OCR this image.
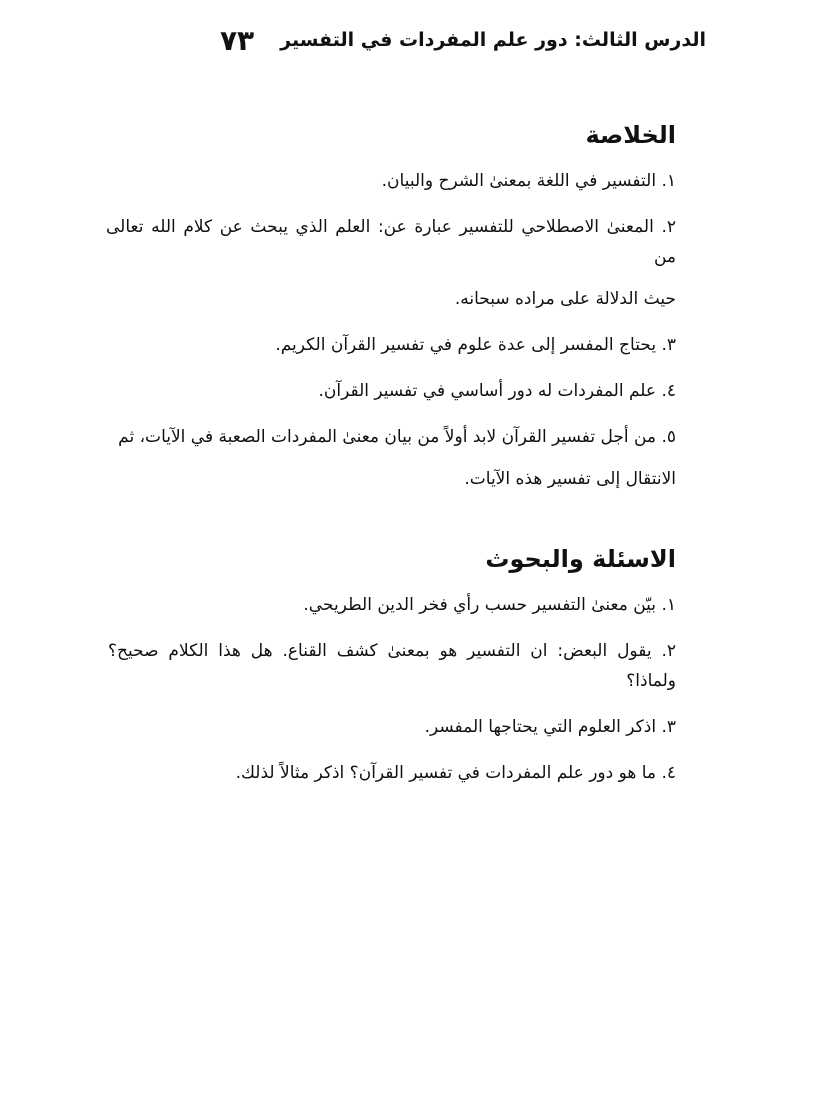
الدرس الثالث: دور علم المفردات في التفسير
٧٣
الخلاصة

١. التفسير في اللغة بمعنىٰ الشرح والبيان.

٢. المعنىٰ الاصطلاحي للتفسير عبارة عن: العلم الذي يبحث عن كلام الله تعالى من
حيث الدلالة على مراده سبحانه.

٣. يحتاج المفسر إلى عدة علوم في تفسير القرآن الكريم.

٤. علم المفردات له دور أساسي في تفسير القرآن.

٥. من أجل تفسير القرآن لابد أولاً من بيان معنىٰ المفردات الصعبة في الآيات، ثم
الانتقال إلى تفسير هذه الآيات.

الاسئلة والبحوث

١. بيّن معنىٰ التفسير حسب رأي فخر الدين الطريحي.

٢. يقول البعض: ان التفسير هو بمعنىٰ كشف القناع. هل هذا الكلام صحيح؟ ولماذا؟

٣. اذكر العلوم التي يحتاجها المفسر.

٤. ما هو دور علم المفردات في تفسير القرآن؟ اذكر مثالاً لذلك.
